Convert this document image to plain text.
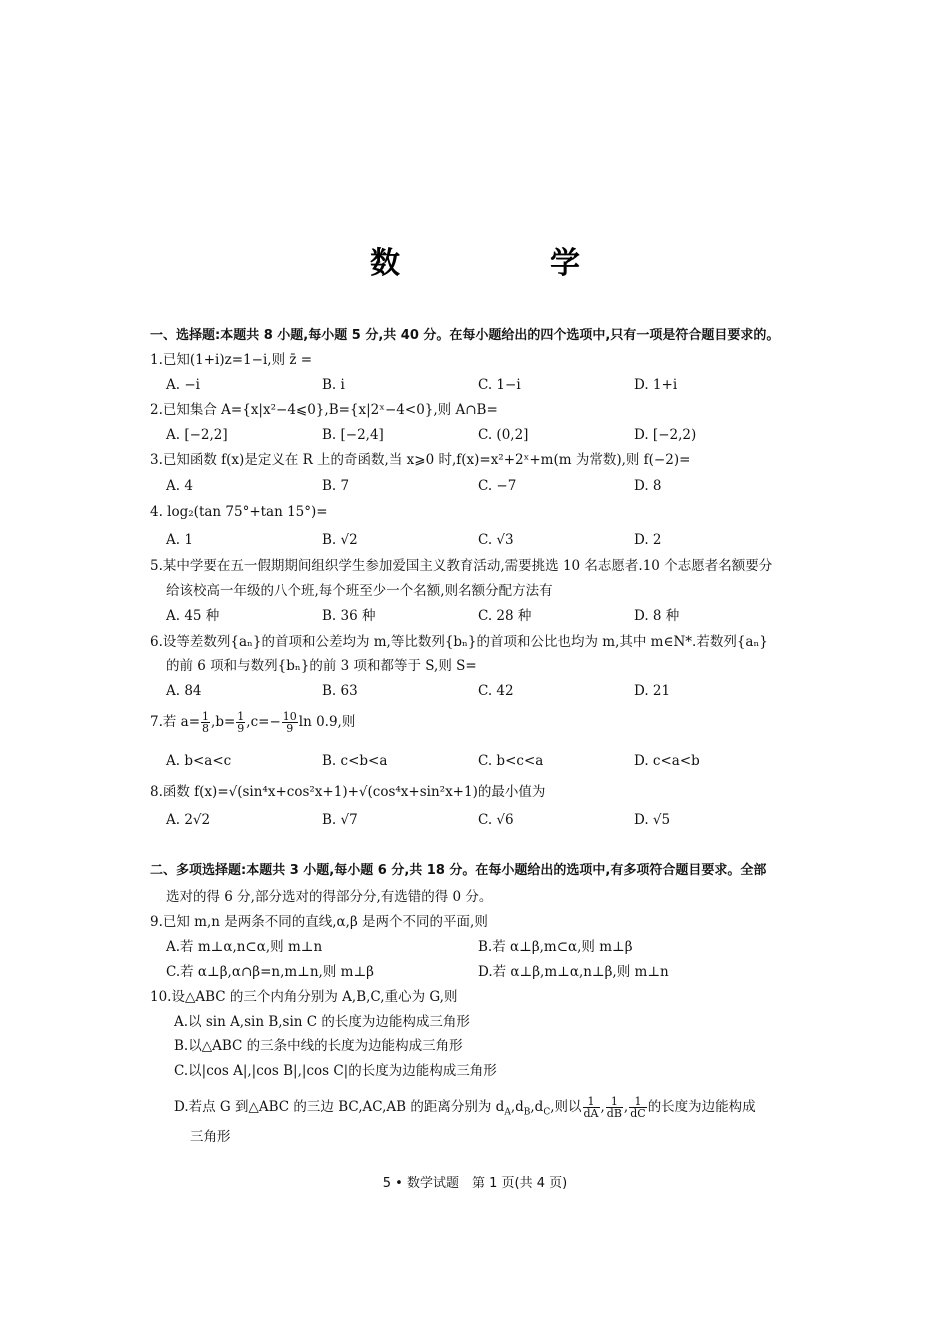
数　学
一、选择题:本题共 8 小题,每小题 5 分,共 40 分。在每小题给出的四个选项中,只有一项是符合题目要求的。
1.已知(1+i)z=1−i,则 z̄ =
A. −i	B. i	C. 1−i	D. 1+i
2.已知集合 A={x|x²−4⩽0},B={x|2ˣ−4<0},则 A∩B=
A. [−2,2]	B. [−2,4]	C. (0,2]	D. [−2,2)
3.已知函数 f(x)是定义在 R 上的奇函数,当 x⩾0 时,f(x)=x²+2ˣ+m(m 为常数),则 f(−2)=
A. 4	B. 7	C. −7	D. 8
4. log₂(tan 75°+tan 15°)=
A. 1	B. √2	C. √3	D. 2
5.某中学要在五一假期期间组织学生参加爱国主义教育活动,需要挑选 10 名志愿者.10 个志愿者名额要分
给该校高一年级的八个班,每个班至少一个名额,则名额分配方法有
A. 45 种	B. 36 种	C. 28 种	D. 8 种
6.设等差数列{aₙ}的首项和公差均为 m,等比数列{bₙ}的首项和公比也均为 m,其中 m∈N*.若数列{aₙ}
的前 6 项和与数列{bₙ}的前 3 项和都等于 S,则 S=
A. 84	B. 63	C. 42	D. 21
7.若 $a= \frac{1}{8} ,b= \frac{1}{9} ,c=- \frac{10}{9}$ ln 0.9,则
A. b<a<c	B. c<b<a	C. b<c<a	D. c<a<b
8.函数 f(x)=√(sin⁴x+cos²x+1)+√(cos⁴x+sin²x+1)的最小值为
A. 2√2	B. √7	C. √6	D. √5
二、多项选择题:本题共 3 小题,每小题 6 分,共 18 分。在每小题给出的选项中,有多项符合题目要求。全部
选对的得 6 分,部分选对的得部分分,有选错的得 0 分。
9.已知 m,n 是两条不同的直线,α,β 是两个不同的平面,则
A.若 m⊥α,n⊂α,则 m⊥n	B.若 α⊥β,m⊂α,则 m⊥β
C.若 α⊥β,α∩β=n,m⊥n,则 m⊥β	D.若 α⊥β,m⊥α,n⊥β,则 m⊥n
10.设△ABC 的三个内角分别为 A,B,C,重心为 G,则
A.以 sin A,sin B,sin C 的长度为边能构成三角形
B.以△ABC 的三条中线的长度为边能构成三角形
C.以|cos A|,|cos B|,|cos C|的长度为边能构成三角形
D.若点 G 到△ABC 的三边 BC,AC,AB 的距离分别为 $d_A,d_B,d_C$,则以 $\frac{1}{dA}$ , $\frac{1}{dB}$ , $\frac{1}{dC}$ 的长度为边能构成
三角形
5 • 数学试题　第 1 页(共 4 页)
